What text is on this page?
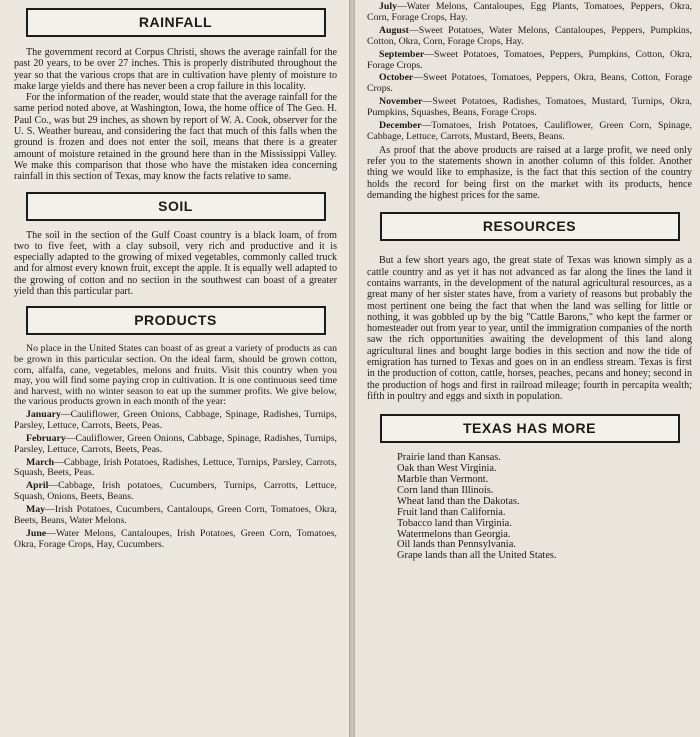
RAINFALL

The government record at Corpus Christi, shows the average rainfall for the past 20 years, to be over 27 inches. This is properly distributed throughout the year so that the various crops that are in cultivation have plenty of moisture to make large yields and there has never been a crop failure in this locality.

For the information of the reader, would state that the average rainfall for the same period noted above, at Washington, Iowa, the home office of The Geo. H. Paul Co., was but 29 inches, as shown by report of W. A. Cook, observer for the U. S. Weather bureau, and considering the fact that much of this falls when the ground is frozen and does not enter the soil, means that there is a greater amount of moisture retained in the ground here than in the Mississippi Valley. We make this comparison that those who have the mistaken idea concerning rainfall in this section of Texas, may know the facts relative to same.

SOIL

The soil in the section of the Gulf Coast country is a black loam, of from two to five feet, with a clay subsoil, very rich and productive and it is especially adapted to the growing of mixed vegetables, commonly called truck and for almost every known fruit, except the apple. It is equally well adapted to the growing of cotton and no section in the southwest can boast of a greater yield than this particular part.

PRODUCTS

No place in the United States can boast of as great a variety of products as can be grown in this particular section. On the ideal farm, should be grown cotton, corn, alfalfa, cane, vegetables, melons and fruits. Visit this country when you may, you will find some paying crop in cultivation. It is one continuous seed time and harvest, with no winter season to eat up the summer profits. We give below, the various products grown in each month of the year:

January—Cauliflower, Green Onions, Cabbage, Spinage, Radishes, Turnips, Parsley, Lettuce, Carrots, Beets, Peas.

February—Cauliflower, Green Onions, Cabbage, Spinage, Radishes, Turnips, Parsley, Lettuce, Carrots, Beets, Peas.

March—Cabbage, Irish Potatoes, Radishes, Lettuce, Turnips, Parsley, Carrots, Squash, Beets, Peas.

April—Cabbage, Irish potatoes, Cucumbers, Turnips, Carrotts, Lettuce, Squash, Onions, Beets, Beans.

May—Irish Potatoes, Cucumbers, Cantaloups, Green Corn, Tomatoes, Okra, Beets, Beans, Water Melons.

June—Water Melons, Cantaloupes, Irish Potatoes, Green Corn, Tomatoes, Okra, Forage Crops, Hay, Cucumbers.

July—Water Melons, Cantaloupes, Egg Plants, Tomatoes, Peppers, Okra, Corn, Forage Crops, Hay.

August—Sweet Potatoes, Water Melons, Cantaloupes, Peppers, Pumpkins, Cotton, Okra, Corn, Forage Crops, Hay.

September—Sweet Potatoes, Tomatoes, Peppers, Pumpkins, Cotton, Okra, Forage Crops.

October—Sweet Potatoes, Tomatoes, Peppers, Okra, Beans, Cotton, Forage Crops.

November—Sweet Potatoes, Radishes, Tomatoes, Mustard, Turnips, Okra, Pumpkins, Squashes, Beans, Forage Crops.

December—Tomatoes, Irish Potatoes, Cauliflower, Green Corn, Spinage, Cabbage, Lettuce, Carrots, Mustard, Beets, Beans.

As proof that the above products are raised at a large profit, we need only refer you to the statements shown in another column of this folder. Another thing we would like to emphasize, is the fact that this section of the country holds the record for being first on the market with its products, hence demanding the highest prices for the same.

RESOURCES

But a few short years ago, the great state of Texas was known simply as a cattle country and as yet it has not advanced as far along the lines the land it contains warrants, in the development of the natural agricultural resources, as a great many of her sister states have, from a variety of reasons but probably the most pertinent one being the fact that when the land was selling for little or nothing, it was gobbled up by the big "Cattle Barons," who kept the farmer or homesteader out from year to year, until the immigration companies of the north saw the rich opportunities awaiting the development of this land along agricultural lines and bought large bodies in this section and now the tide of emigration has turned to Texas and goes on in an endless stream. Texas is first in the production of cotton, cattle, horses, peaches, pecans and honey; second in the production of hogs and first in railroad mileage; fourth in percapita wealth; fifth in poultry and eggs and sixth in population.

TEXAS HAS MORE
Prairie land than Kansas.
Oak than West Virginia.
Marble than Vermont.
Corn land than Illinois.
Wheat land than the Dakotas.
Fruit land than California.
Tobacco land than Virginia.
Watermelons than Georgia.
Oil lands than Pennsylvania.
Grape lands than all the United States.
